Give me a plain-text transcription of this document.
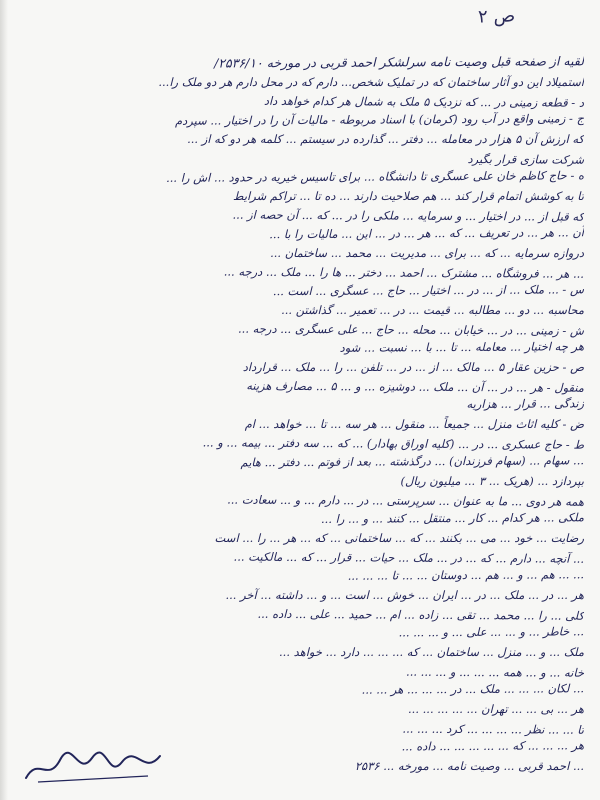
ص ٢
لقیه از صفحه قبل وصیت نامه سرلشکر احمد قربی در مورخه ۲۵۳۶/۱۰/
استمیلاد این دو آثار ساختمان که در تملیک شخص... دارم که در محل دارم هر دو ملک را...
د - قطعه زمینی در ... که نزدیک ۵ ملک به شمال هر کدام خواهد داد
ج - زمینی واقع در آب رود (کرمان) با اسناد مربوطه - مالیات آن را در اختیار ... سپردم
که ارزش آن ۵ هزار در معامله ... دفتر ... گذارده در سیستم ... کلمه هر دو که از ...
شرکت سازی قرار بگیرد
ه - حاج کاظم خان علی عسگری تا دانشگاه ... برای تاسیس خیریه در حدود ... اش را ...
تا به کوشش اتمام قرار کند ... هم صلاحیت دارند ... ده تا ... تراکم شرایط
که قبل از ... در اختیار ... و سرمایه ... ملکی را در ... که ... آن حصه از ...
آن ... هر ... در تعریف ... که ... هر ... در ... این ... مالیات را با ...
دروازه سرمایه ... که ... برای ... مدیریت ... محمد ... ساختمان ...
... هر ... فروشگاه ... مشترک ... احمد ... دختر ... ها را ... ملک ... درجه ...
س - ... ملک ... از ... در ... اختیار ... حاج ... عسگری ... است ...
محاسبه ... دو ... مطالبه ... قیمت ... در ... تعمیر ... گذاشتن ...
ش - زمینی ... در ... خیابان ... محله ... حاج ... علی عسگری ... درجه ...
هر چه اختیار ... معامله ... تا ... با ... نسبت ... شود
ص - حزین عقار ۵ ... مالک ... از ... در ... تلفن ... را ... ملک ... قرارداد
منقول - هر ... در ... آن ... ملک ... دوشیزه ... و ... ۵ ... مصارف هزینه
زندگی ... قرار ... هزاریه
ض - کلیه اثاث منزل ... جمیعاً ... منقول ... هر سه ... تا ... خواهد ... ام
ط - حاج عسکری ... در ... (کلیه اوراق بهادار) ... که ... سه دفتر ... بیمه ... و ...
... سهام ... (سهام فرزندان) ... درگذشته ... بعد از فوتم ... دفتر ... هایم
بپردازد ... (هریک ... ۳ ... میلیون ریال)
همه هر دوی ... ما به عنوان ... سرپرستی ... در ... دارم ... و ... سعادت ...
ملکی ... هر کدام ... کار ... منتقل ... کنند ... و ... را ...
رضایت ... خود ... می ... بکنند ... که ... ساختمانی ... که ... هر ... را ... است
... آنچه ... دارم ... که ... در ... ملک ... حیات ... قرار ... که ... مالکیت ...
... ... هم ... و ... هم ... دوستان ... ... تا ... ... ...
هر ... در ... ملک ... در ... ایران ... خوش ... است ... و ... داشته ... آخر ...
کلی ... را ... محمد ... تقی ... زاده ... ام ... حمید ... علی ... داده ...
... خاطر ... و ... ... علی ... و ... ... ...
ملک ... و ... منزل ... ساختمان ... که ... ... ... دارد ... خواهد ...
خانه ... و ... همه ... ... ... و ... ... ...
... لکان ... ... ... ملک ... در ... ... ... هر ... ...
هر ... بی ... ... تهران ... ... ... ... ...
تا ... ... نظر ... ... ... ... کرد ... ... ...
هر ... ... ... که ... ... ... ... ... داده ...
... احمد قربی ... وصیت نامه ... مورخه ... ۲۵۳۶
